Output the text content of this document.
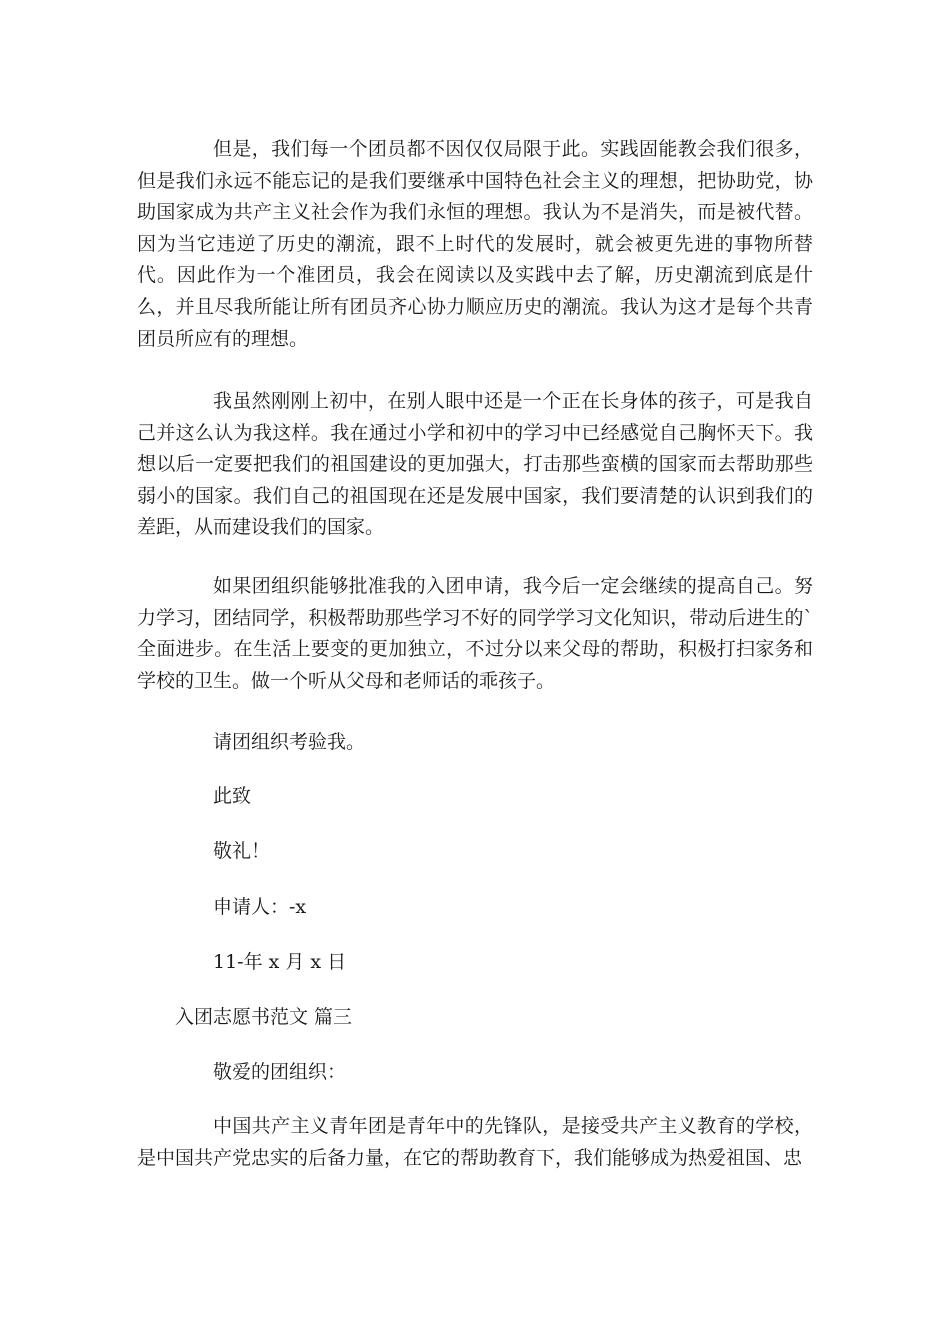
但是，我们每一个团员都不因仅仅局限于此。实践固能教会我们很多，但是我们永远不能忘记的是我们要继承中国特色社会主义的理想，把协助党，协助国家成为共产主义社会作为我们永恒的理想。我认为不是消失，而是被代替。因为当它违逆了历史的潮流，跟不上时代的发展时，就会被更先进的事物所替代。因此作为一个准团员，我会在阅读以及实践中去了解，历史潮流到底是什么，并且尽我所能让所有团员齐心协力顺应历史的潮流。我认为这才是每个共青团员所应有的理想。

我虽然刚刚上初中，在别人眼中还是一个正在长身体的孩子，可是我自己并这么认为我这样。我在通过小学和初中的学习中已经感觉自己胸怀天下。我想以后一定要把我们的祖国建设的更加强大，打击那些蛮横的国家而去帮助那些弱小的国家。我们自己的祖国现在还是发展中国家，我们要清楚的认识到我们的差距，从而建设我们的国家。

如果团组织能够批准我的入团申请，我今后一定会继续的提高自己。努力学习，团结同学，积极帮助那些学习不好的同学学习文化知识，带动后进生的`全面进步。在生活上要变的更加独立，不过分以来父母的帮助，积极打扫家务和学校的卫生。做一个听从父母和老师话的乖孩子。

请团组织考验我。

此致

敬礼！

申请人：-x

11-年 x 月 x 日

入团志愿书范文 篇三

敬爱的团组织：

中国共产主义青年团是青年中的先锋队，是接受共产主义教育的学校，是中国共产党忠实的后备力量，在它的帮助教育下，我们能够成为热爱祖国、忠
